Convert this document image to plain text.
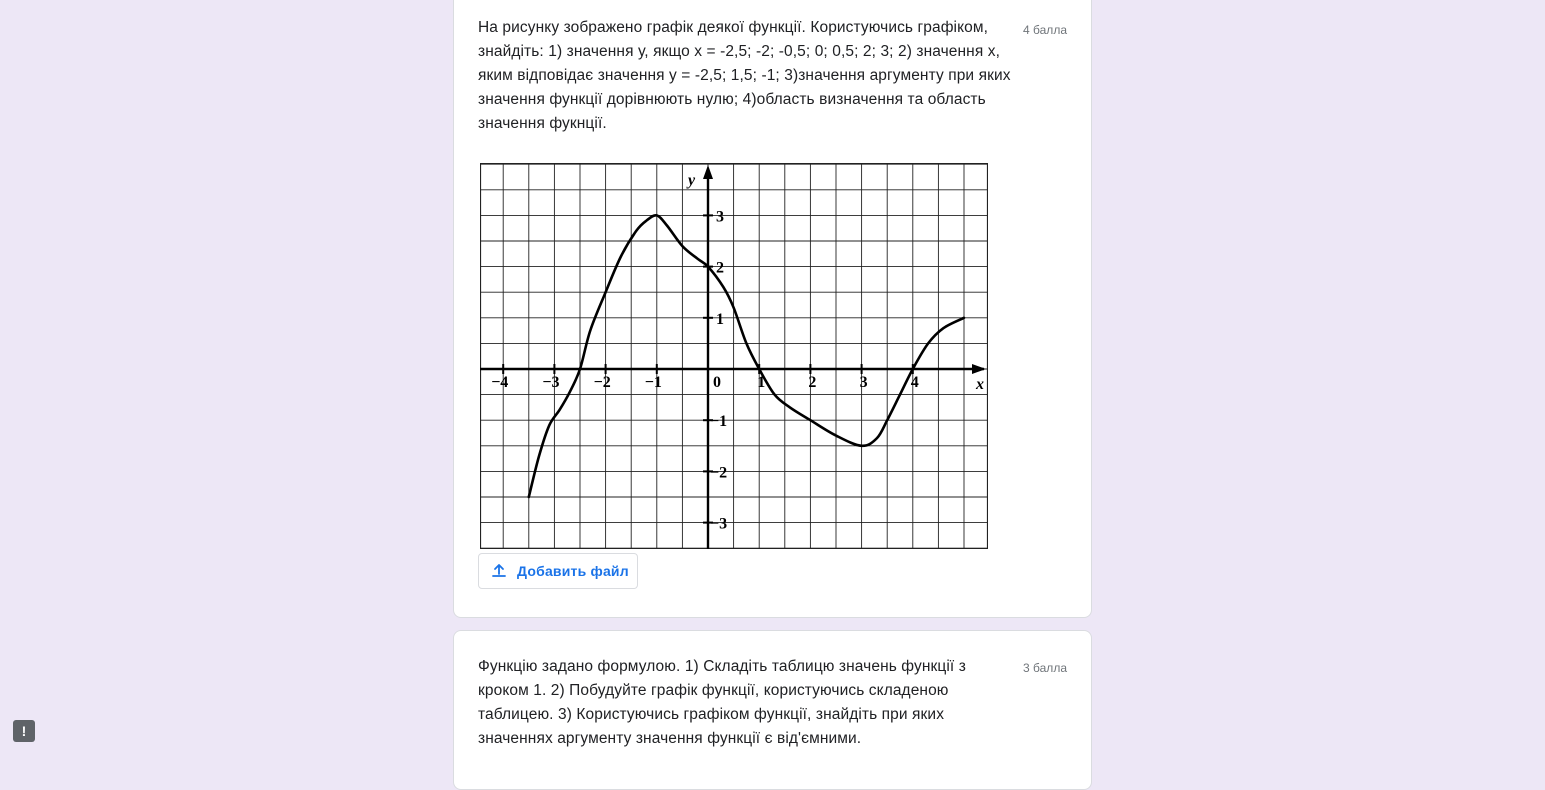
На рисунку зображено графік деякої функції. Користуючись графіком, знайдіть: 1) значення у, якщо х = -2,5; -2; -0,5; 0; 0,5; 2; 3; 2) значення х, яким відповідає значення у = -2,5; 1,5; -1; 3)значення аргументу при яких значення функції дорівнюють нулю; 4)область визначення та область значення фукнції.
4 балла
x
y
0
−4 −3 −2 −1	1	2	3	4
3
2
1
−1
−2
−3
Добавить файл
Функцію задано формулою. 1) Складіть таблицю значень функції з кроком 1. 2) Побудуйте графік функції, користуючись складеною таблицею. 3) Користуючись графіком функції, знайдіть при яких значеннях аргументу значення функції є від'ємними.
3 балла
!
